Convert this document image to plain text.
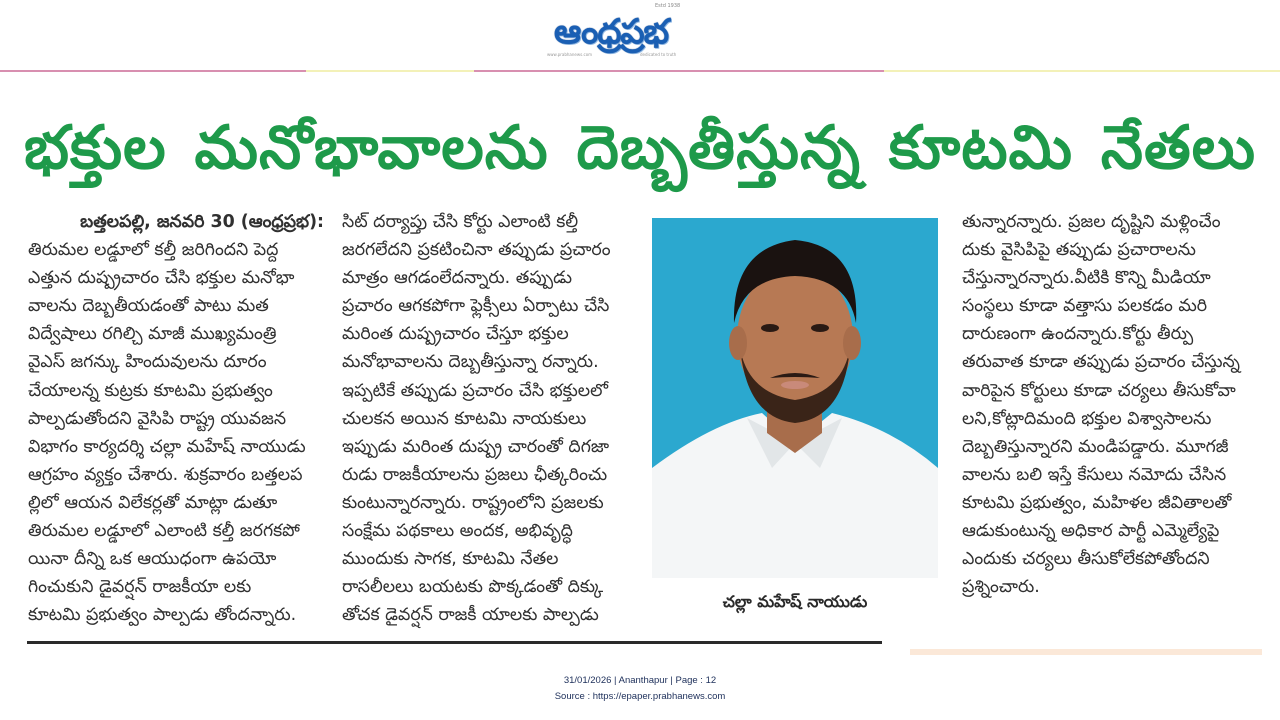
Estd 1938
ఆంధ్రప్రభ
www.prabhanews.com	dedicated to truth
భక్తుల మనోభావాలను దెబ్బతీస్తున్న కూటమి నేతలు

బత్తలపల్లి, జనవరి 30 (ఆంధ్రప్రభ):

తిరుమల లడ్డూలో కల్తీ జరిగిందని పెద్ద

ఎత్తున దుష్ప్రచారం చేసి భక్తుల మనోభా

వాలను దెబ్బతీయడంతో పాటు మత

విద్వేషాలు రగిల్చి మాజీ ముఖ్యమంత్రి

వైఎస్ జగన్కు హిందువులను దూరం

చేయాలన్న కుట్రకు కూటమి ప్రభుత్వం

పాల్పడుతోందని వైసిపి రాష్ట్ర యువజన

విభాగం కార్యదర్శి చల్లా మహేష్ నాయుడు

ఆగ్రహం వ్యక్తం చేశారు. శుక్రవారం బత్తలప

ల్లిలో ఆయన విలేకర్లతో మాట్లా డుతూ

తిరుమల లడ్డూలో ఎలాంటి కల్తీ జరగకపో

యినా దీన్ని ఒక ఆయుధంగా ఉపయో

గించుకుని డైవర్షన్ రాజకీయా లకు

కూటమి ప్రభుత్వం పాల్పడు తోందన్నారు.

సిట్ దర్యాప్తు చేసి కోర్టు ఎలాంటి కల్తీ

జరగలేదని ప్రకటించినా తప్పుడు ప్రచారం

మాత్రం ఆగడంలేదన్నారు. తప్పుడు

ప్రచారం ఆగకపోగా ఫ్లెక్సీలు ఏర్పాటు చేసి

మరింత దుష్ప్రచారం చేస్తూ భక్తుల

మనోభావాలను దెబ్బతీస్తున్నా రన్నారు.

ఇప్పటికే తప్పుడు ప్రచారం చేసి భక్తులలో

చులకన అయిన కూటమి నాయకులు

ఇప్పుడు మరింత దుష్ప్ర చారంతో దిగజా

రుడు రాజకీయాలను ప్రజలు ఛీత్కరించు

కుంటున్నారన్నారు. రాష్ట్రంలోని ప్రజలకు

సంక్షేమ పథకాలు అందక, అభివృద్ధి

ముందుకు సాగక, కూటమి నేతల

రాసలీలలు బయటకు పొక్కడంతో దిక్కు

తోచక డైవర్షన్ రాజకీ యాలకు పాల్పడు

చల్లా మహేష్ నాయుడు

తున్నారన్నారు. ప్రజల దృష్టిని మళ్లించేం

దుకు వైసిపిపై తప్పుడు ప్రచారాలను

చేస్తున్నారన్నారు.వీటికి కొన్ని మీడియా

సంస్థలు కూడా వత్తాసు పలకడం మరి

దారుణంగా ఉందన్నారు.కోర్టు తీర్పు

తరువాత కూడా తప్పుడు ప్రచారం చేస్తున్న

వారిపైన కోర్టులు కూడా చర్యలు తీసుకోవా

లని,కోట్లాదిమంది భక్తుల విశ్వాసాలను

దెబ్బతిస్తున్నారని మండిపడ్డారు. మూగజీ

వాలను బలి ఇస్తే కేసులు నమోదు చేసిన

కూటమి ప్రభుత్వం, మహిళల జీవితాలతో

ఆడుకుంటున్న అధికార పార్టీ ఎమ్మెల్యేపై

ఎందుకు చర్యలు తీసుకోలేకపోతోందని

ప్రశ్నించారు.

31/01/2026 | Ananthapur | Page : 12
Source : https://epaper.prabhanews.com
